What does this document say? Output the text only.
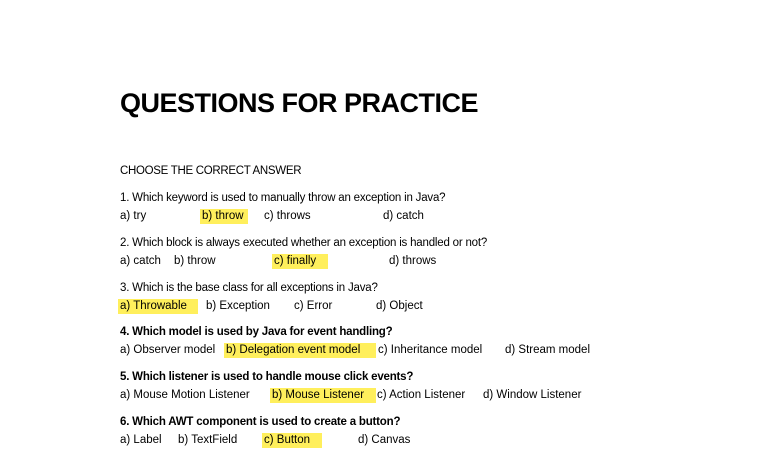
QUESTIONS FOR PRACTICE
CHOOSE THE CORRECT ANSWER
1. Which keyword is used to manually throw an exception in Java?
a) try	b) throw	c) throws	d) catch
2. Which block is always executed whether an exception is handled or not?
a) catch b) throw	c) finally	d) throws
3. Which is the base class for all exceptions in Java?
a) Throwable	b) Exception c) Error	d) Object
4. Which model is used by Java for event handling?
a) Observer model b) Delegation event model	c) Inheritance model d) Stream model
5. Which listener is used to handle mouse click events?
a) Mouse Motion Listener b) Mouse Listener	c) Action Listener d) Window Listener
6. Which AWT component is used to create a button?
a) Label b) TextField c) Button	d) Canvas
